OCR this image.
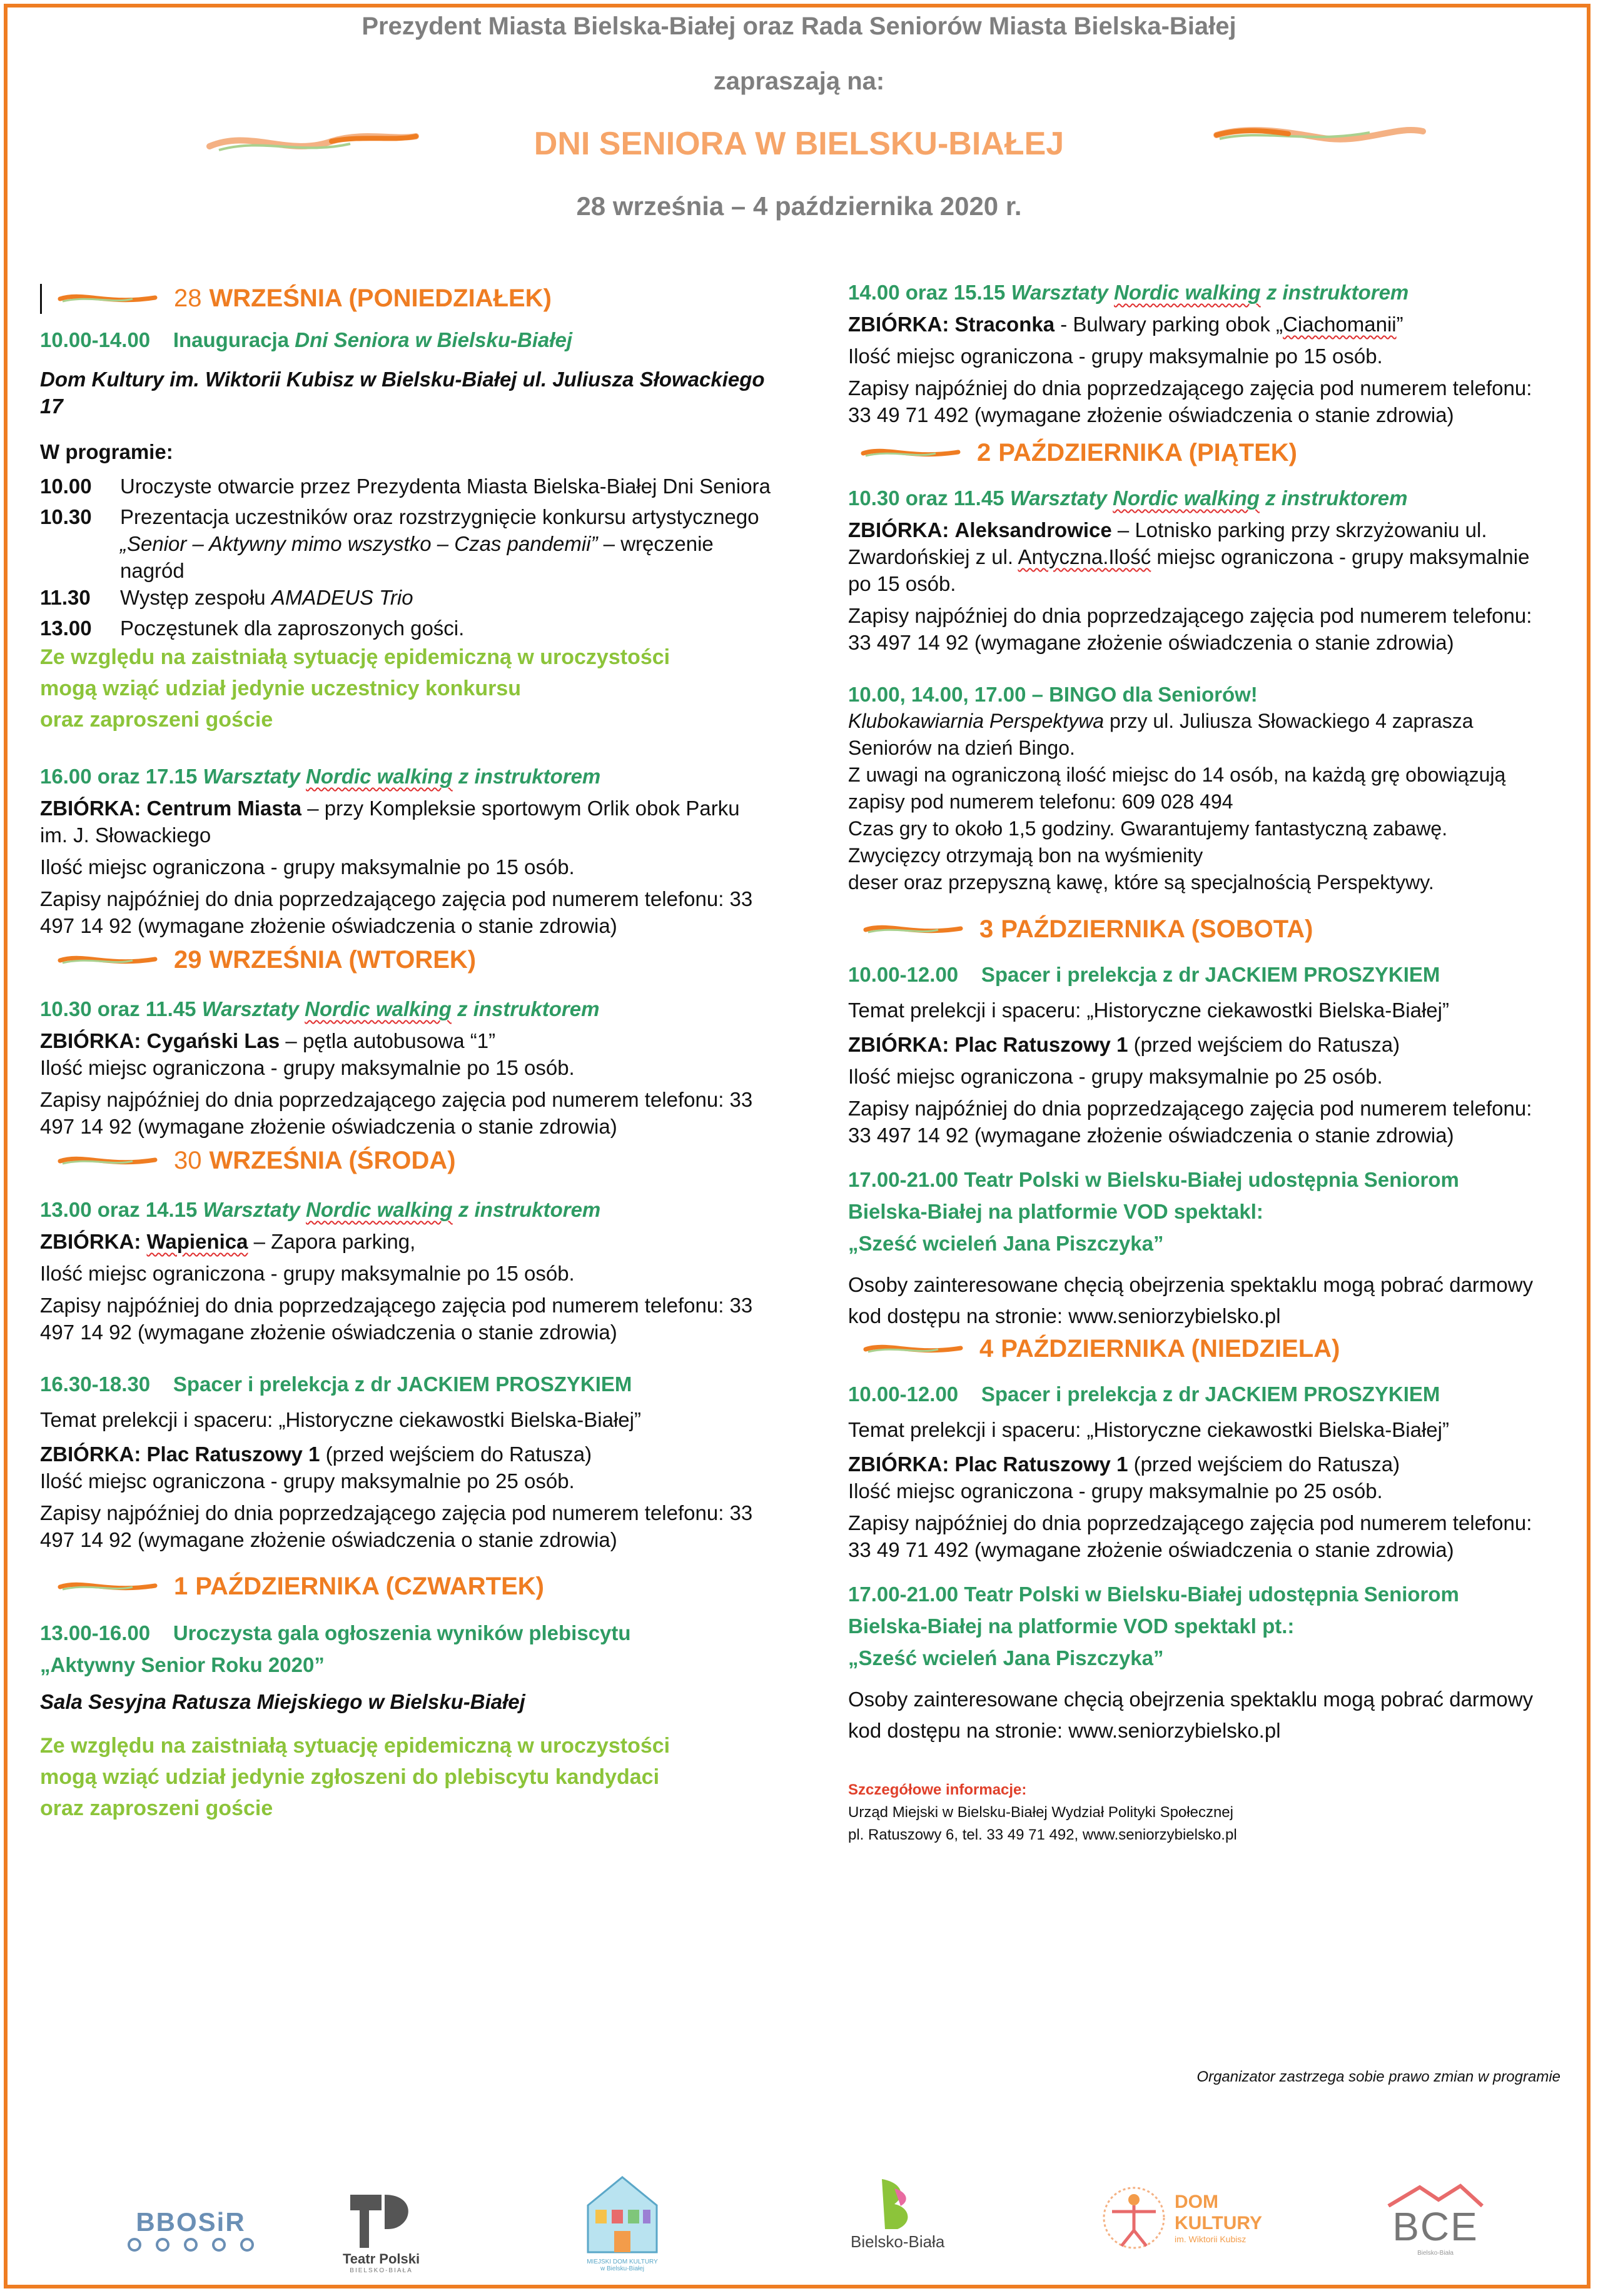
Prezydent Miasta Bielska-Białej oraz Rada Seniorów Miasta Bielska-Białej
zapraszają na:
DNI SENIORA W BIELSKU-BIAŁEJ
28 września – 4 października 2020 r.
28 WRZEŚNIA (PONIEDZIAŁEK)

10.00-14.00 Inauguracja Dni Seniora w Bielsku-Białej

Dom Kultury im. Wiktorii Kubisz w Bielsku-Białej ul. Juliusza Słowackiego 17

W programie:

10.00	Uroczyste otwarcie przez Prezydenta Miasta Bielska-Białej Dni Seniora
10.30	Prezentacja uczestników oraz rozstrzygnięcie konkursu artystycznego „Senior – Aktywny mimo wszystko – Czas pandemii” – wręczenie nagród
11.30	Występ zespołu AMADEUS Trio
13.00	Poczęstunek dla zaproszonych gości.

Ze względu na zaistniałą sytuację epidemiczną w uroczystości

mogą wziąć udział jedynie uczestnicy konkursu

oraz zaproszeni goście

16.00 oraz 17.15 Warsztaty Nordic walking z instruktorem

ZBIÓRKA: Centrum Miasta – przy Kompleksie sportowym Orlik obok Parku im. J. Słowackiego

Ilość miejsc ograniczona - grupy maksymalnie po 15 osób.

Zapisy najpóźniej do dnia poprzedzającego zajęcia pod numerem telefonu: 33 497 14 92 (wymagane złożenie oświadczenia o stanie zdrowia)

29 WRZEŚNIA (WTOREK)

10.30 oraz 11.45 Warsztaty Nordic walking z instruktorem

ZBIÓRKA: Cygański Las – pętla autobusowa “1”

Ilość miejsc ograniczona - grupy maksymalnie po 15 osób.

Zapisy najpóźniej do dnia poprzedzającego zajęcia pod numerem telefonu: 33 497 14 92 (wymagane złożenie oświadczenia o stanie zdrowia)

30 WRZEŚNIA (ŚRODA)

13.00 oraz 14.15 Warsztaty Nordic walking z instruktorem

ZBIÓRKA: Wapienica – Zapora parking,

Ilość miejsc ograniczona - grupy maksymalnie po 15 osób.

Zapisy najpóźniej do dnia poprzedzającego zajęcia pod numerem telefonu: 33 497 14 92 (wymagane złożenie oświadczenia o stanie zdrowia)

16.30-18.30 Spacer i prelekcja z dr JACKIEM PROSZYKIEM

Temat prelekcji i spaceru: „Historyczne ciekawostki Bielska-Białej”

ZBIÓRKA: Plac Ratuszowy 1 (przed wejściem do Ratusza)

Ilość miejsc ograniczona - grupy maksymalnie po 25 osób.

Zapisy najpóźniej do dnia poprzedzającego zajęcia pod numerem telefonu: 33 497 14 92 (wymagane złożenie oświadczenia o stanie zdrowia)

1 PAŹDZIERNIKA (CZWARTEK)

13.00-16.00 Uroczysta gala ogłoszenia wyników plebiscytu

„Aktywny Senior Roku 2020”

Sala Sesyjna Ratusza Miejskiego w Bielsku-Białej

Ze względu na zaistniałą sytuację epidemiczną w uroczystości

mogą wziąć udział jedynie zgłoszeni do plebiscytu kandydaci

oraz zaproszeni goście

14.00 oraz 15.15 Warsztaty Nordic walking z instruktorem

ZBIÓRKA: Straconka - Bulwary parking obok „Ciachomanii”

Ilość miejsc ograniczona - grupy maksymalnie po 15 osób.

Zapisy najpóźniej do dnia poprzedzającego zajęcia pod numerem telefonu: 33 49 71 492 (wymagane złożenie oświadczenia o stanie zdrowia)

2 PAŹDZIERNIKA (PIĄTEK)

10.30 oraz 11.45 Warsztaty Nordic walking z instruktorem

ZBIÓRKA: Aleksandrowice – Lotnisko parking przy skrzyżowaniu ul. Zwardońskiej z ul. Antyczna.Ilość miejsc ograniczona - grupy maksymalnie po 15 osób.

Zapisy najpóźniej do dnia poprzedzającego zajęcia pod numerem telefonu: 33 497 14 92 (wymagane złożenie oświadczenia o stanie zdrowia)

10.00, 14.00, 17.00 – BINGO dla Seniorów!

Klubokawiarnia Perspektywa przy ul. Juliusza Słowackiego 4 zaprasza Seniorów na dzień Bingo.

Z uwagi na ograniczoną ilość miejsc do 14 osób, na każdą grę obowiązują zapisy pod numerem telefonu: 609 028 494

Czas gry to około 1,5 godziny. Gwarantujemy fantastyczną zabawę.

Zwycięzcy otrzymają bon na wyśmienity

deser oraz przepyszną kawę, które są specjalnością Perspektywy.

3 PAŹDZIERNIKA (SOBOTA)

10.00-12.00 Spacer i prelekcja z dr JACKIEM PROSZYKIEM

Temat prelekcji i spaceru: „Historyczne ciekawostki Bielska-Białej”

ZBIÓRKA: Plac Ratuszowy 1 (przed wejściem do Ratusza)

Ilość miejsc ograniczona - grupy maksymalnie po 25 osób.

Zapisy najpóźniej do dnia poprzedzającego zajęcia pod numerem telefonu: 33 497 14 92 (wymagane złożenie oświadczenia o stanie zdrowia)

17.00-21.00 Teatr Polski w Bielsku-Białej udostępnia Seniorom

Bielska-Białej na platformie VOD spektakl:

„Sześć wcieleń Jana Piszczyka”

Osoby zainteresowane chęcią obejrzenia spektaklu mogą pobrać darmowy kod dostępu na stronie: www.seniorzybielsko.pl

4 PAŹDZIERNIKA (NIEDZIELA)

10.00-12.00 Spacer i prelekcja z dr JACKIEM PROSZYKIEM

Temat prelekcji i spaceru: „Historyczne ciekawostki Bielska-Białej”

ZBIÓRKA: Plac Ratuszowy 1 (przed wejściem do Ratusza)

Ilość miejsc ograniczona - grupy maksymalnie po 25 osób.

Zapisy najpóźniej do dnia poprzedzającego zajęcia pod numerem telefonu: 33 49 71 492 (wymagane złożenie oświadczenia o stanie zdrowia)

17.00-21.00 Teatr Polski w Bielsku-Białej udostępnia Seniorom

Bielska-Białej na platformie VOD spektakl pt.:

„Sześć wcieleń Jana Piszczyka”

Osoby zainteresowane chęcią obejrzenia spektaklu mogą pobrać darmowy kod dostępu na stronie: www.seniorzybielsko.pl

Szczegółowe informacje:

Urząd Miejski w Bielsku-Białej Wydział Polityki Społecznej

pl. Ratuszowy 6, tel. 33 49 71 492, www.seniorzybielsko.pl

Organizator zastrzega sobie prawo zmian w programie
BBOSiR
Teatr Polski
BIELSKO-BIAŁA
MIEJSKI DOM KULTURY
w Bielsku-Białej
Bielsko-Biała
DOM
KULTURY
im. Wiktorii Kubisz	BCE
Bielsko-Biała
